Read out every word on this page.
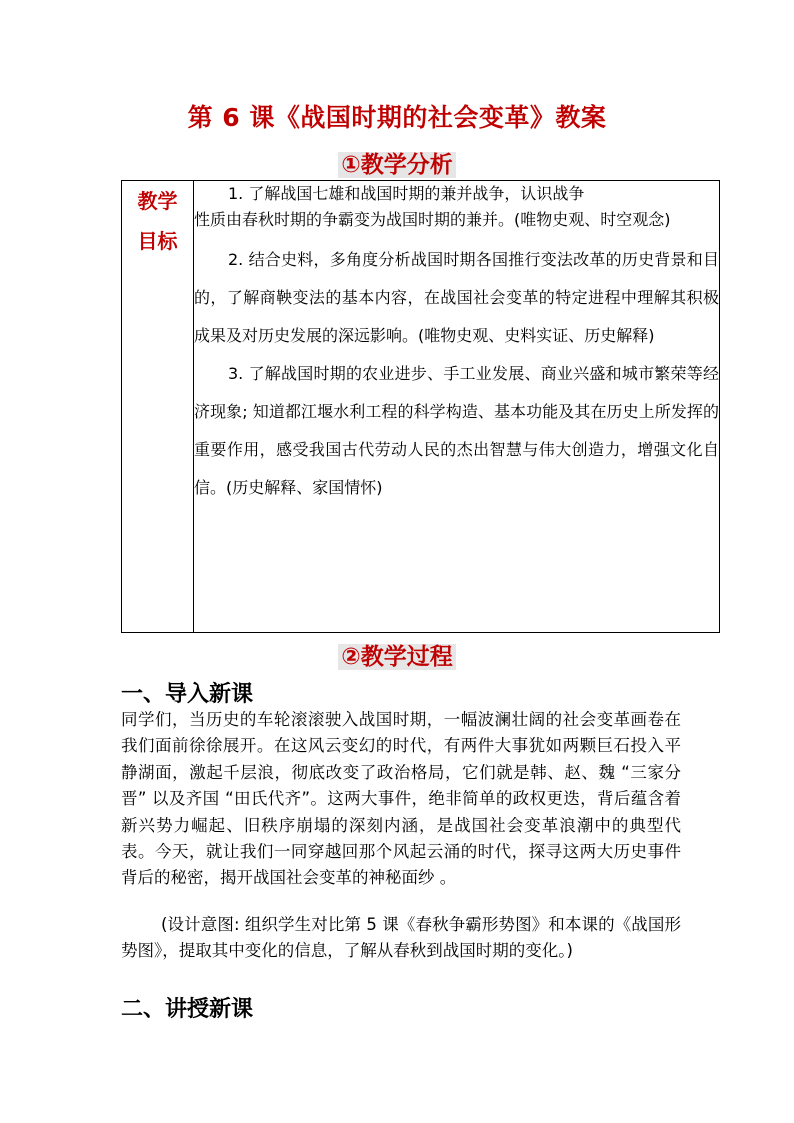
第 6 课《战国时期的社会变革》教案
①教学分析
教学
目标

1. 了解战国七雄和战国时期的兼并战争，认识战争

性质由春秋时期的争霸变为战国时期的兼并。(唯物史观、时空观念)

2. 结合史料，多角度分析战国时期各国推行变法改革的历史背景和目的，了解商鞅变法的基本内容，在战国社会变革的特定进程中理解其积极成果及对历史发展的深远影响。(唯物史观、史料实证、历史解释)

3. 了解战国时期的农业进步、手工业发展、商业兴盛和城市繁荣等经济现象; 知道都江堰水利工程的科学构造、基本功能及其在历史上所发挥的重要作用，感受我国古代劳动人民的杰出智慧与伟大创造力，增强文化自信。(历史解释、家国情怀)

②教学过程
一、导入新课

同学们，当历史的车轮滚滚驶入战国时期，一幅波澜壮阔的社会变革画卷在我们面前徐徐展开。在这风云变幻的时代，有两件大事犹如两颗巨石投入平静湖面，激起千层浪，彻底改变了政治格局，它们就是韩、赵、魏 “三家分晋” 以及齐国 “田氏代齐”。这两大事件，绝非简单的政权更迭，背后蕴含着新兴势力崛起、旧秩序崩塌的深刻内涵，是战国社会变革浪潮中的典型代表。今天，就让我们一同穿越回那个风起云涌的时代，探寻这两大历史事件背后的秘密，揭开战国社会变革的神秘面纱 。

(设计意图: 组织学生对比第 5 课《春秋争霸形势图》和本课的《战国形势图》，提取其中变化的信息，了解从春秋到战国时期的变化。)

二、讲授新课
